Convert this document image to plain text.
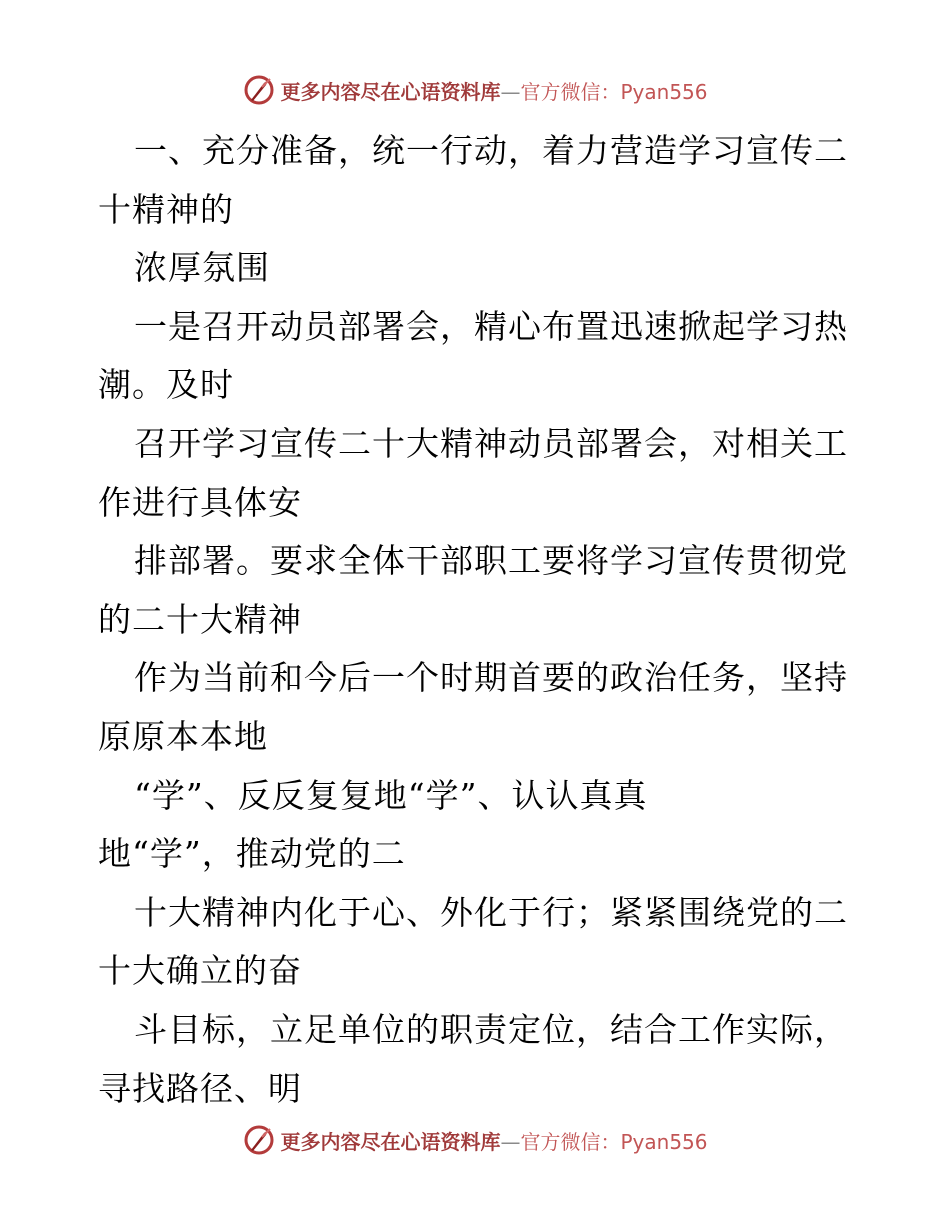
更多内容尽在心语资料库—官方微信：Pyan556
一、充分准备，统一行动，着力营造学习宣传二
十精神的
浓厚氛围
一是召开动员部署会，精心布置迅速掀起学习热
潮。及时
召开学习宣传二十大精神动员部署会，对相关工
作进行具体安
排部署。要求全体干部职工要将学习宣传贯彻党
的二十大精神
作为当前和今后一个时期首要的政治任务，坚持
原原本本地
“学”、反反复复地“学”、认认真真
地“学”，推动党的二
十大精神内化于心、外化于行；紧紧围绕党的二
十大确立的奋
斗目标，立足单位的职责定位，结合工作实际，
寻找路径、明
更多内容尽在心语资料库—官方微信：Pyan556
